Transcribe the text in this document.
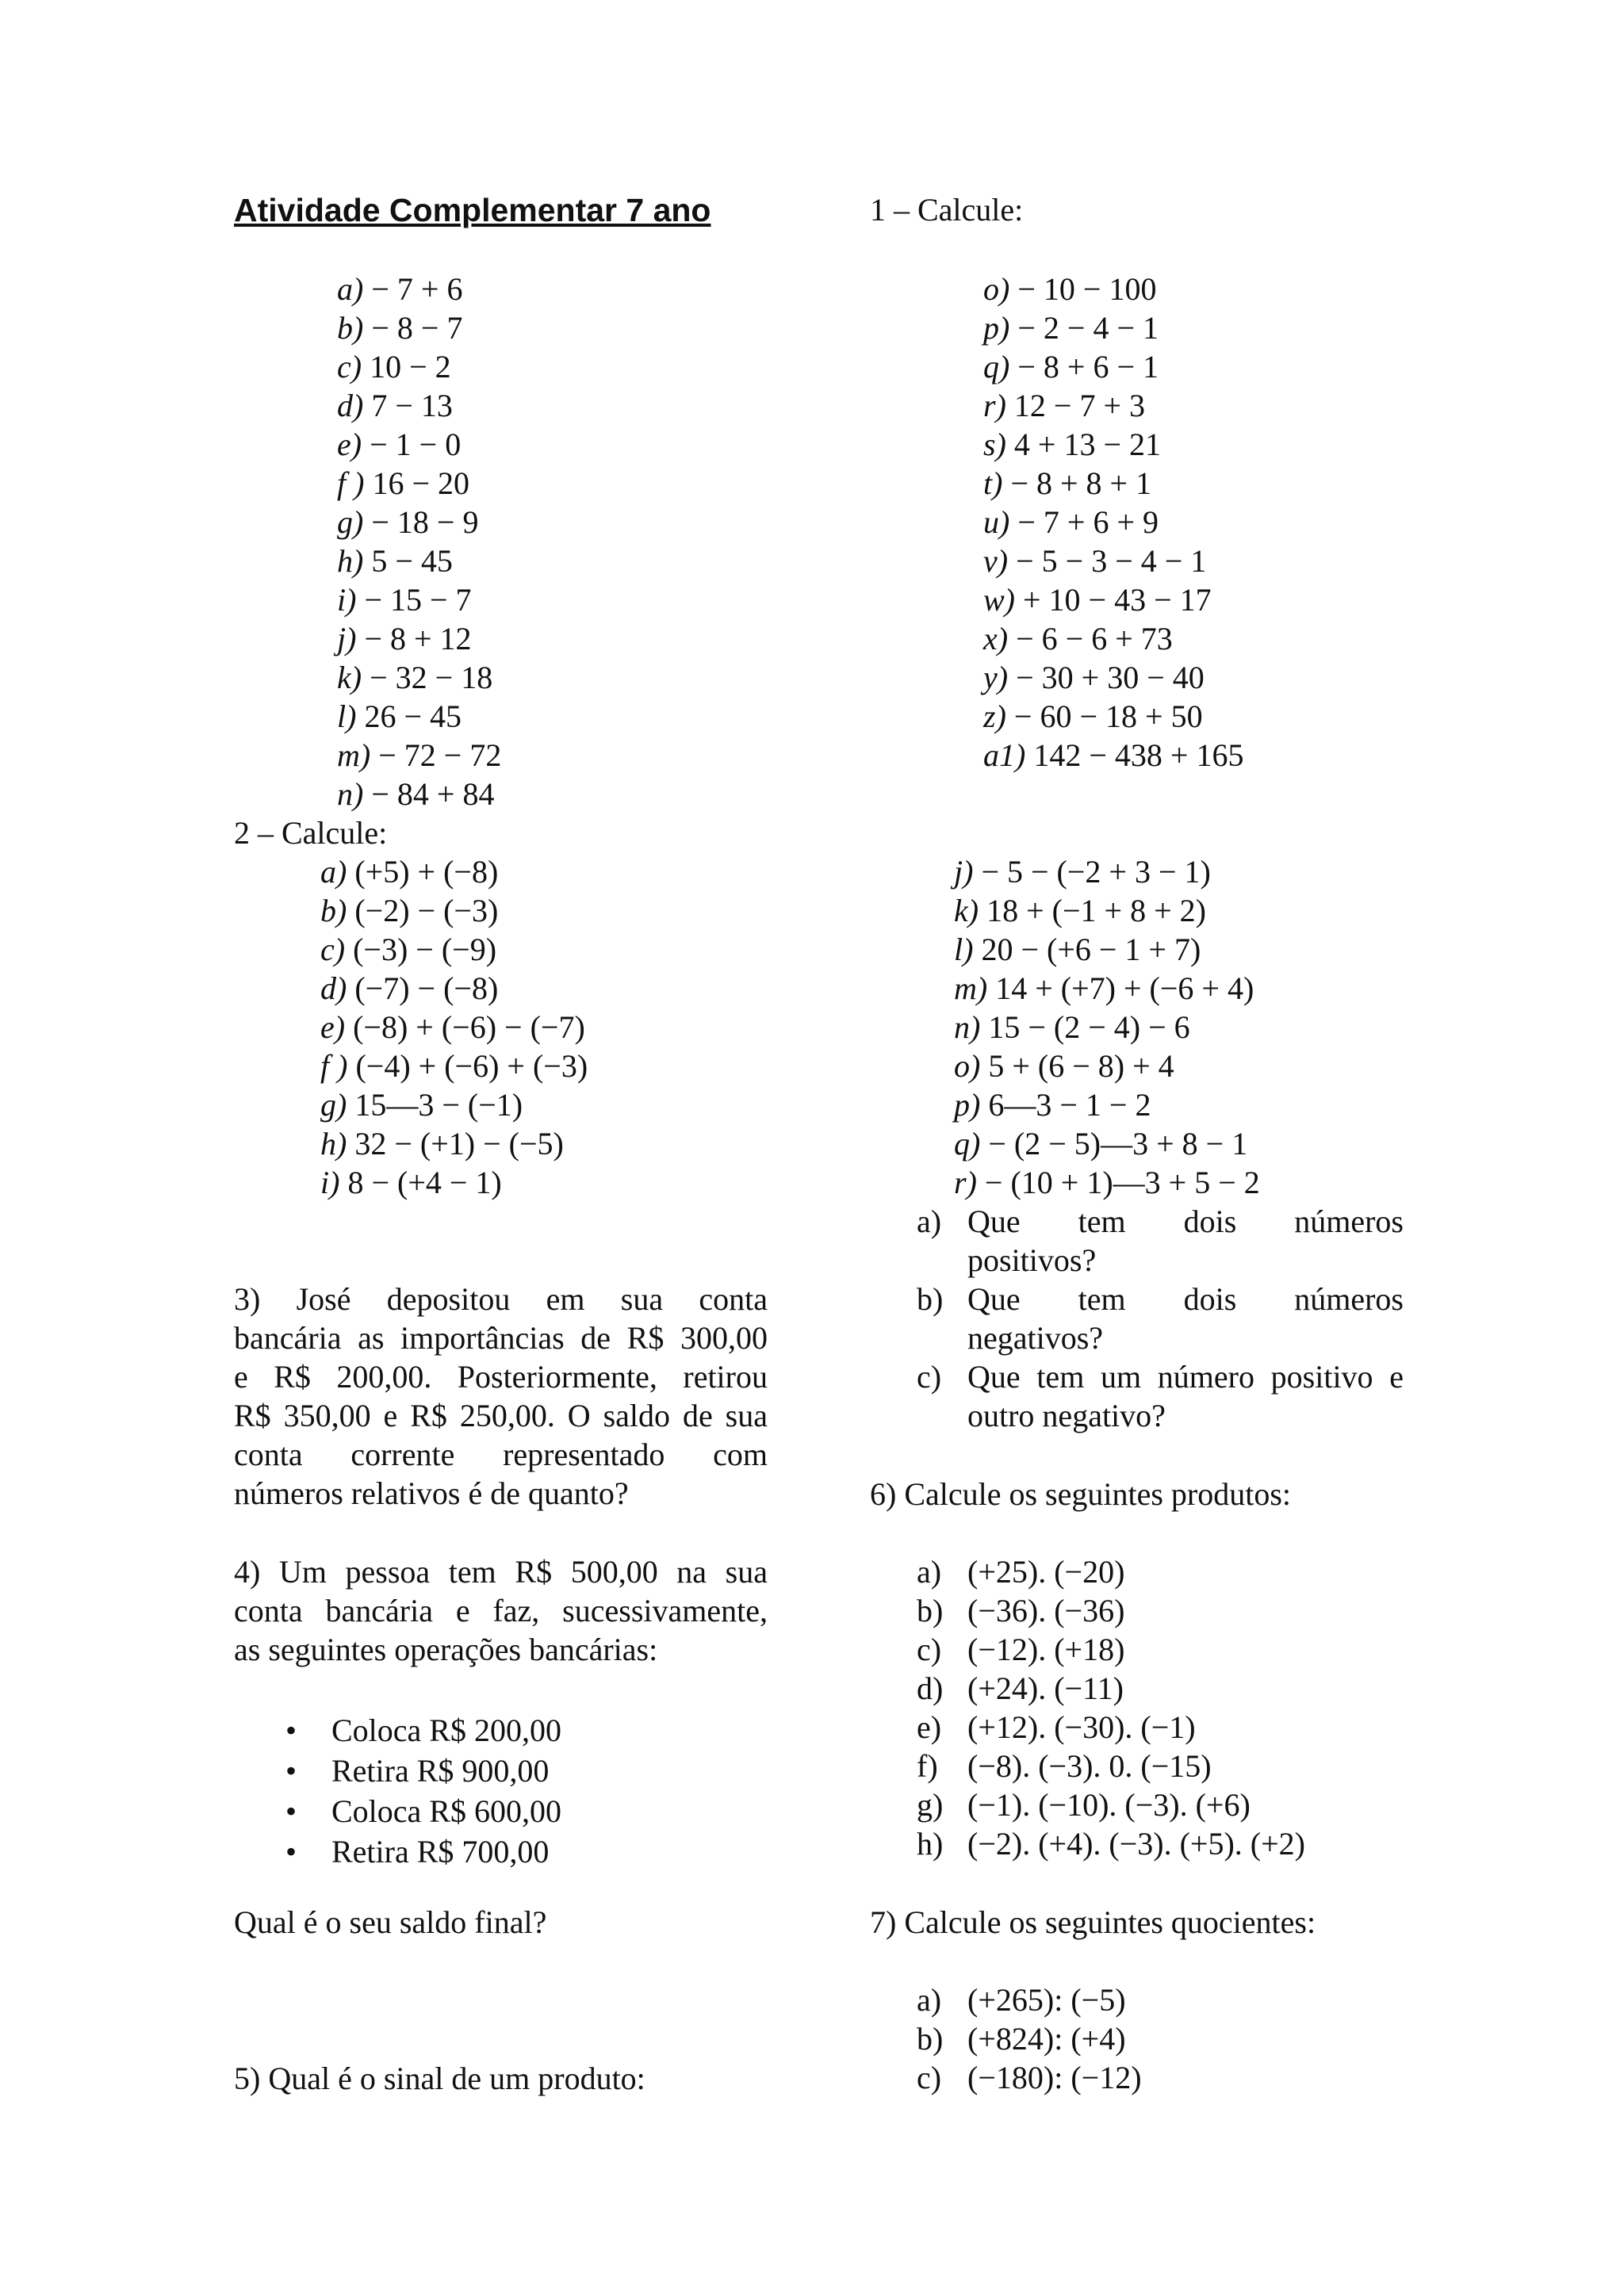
Atividade Complementar 7 ano	1 – Calcule:
a) − 7 + 6
b) − 8 − 7
c) 10 − 2
d) 7 − 13
e) − 1 − 0
f ) 16 − 20
g) − 18 − 9
h) 5 − 45
i) − 15 − 7
j) − 8 + 12
k) − 32 − 18
l) 26 − 45
m) − 72 − 72
n) − 84 + 84
o) − 10 − 100
p) − 2 − 4 − 1
q) − 8 + 6 − 1
r) 12 − 7 + 3
s) 4 + 13 − 21
t) − 8 + 8 + 1
u) − 7 + 6 + 9
v) − 5 − 3 − 4 − 1
w) + 10 − 43 − 17
x) − 6 − 6 + 73
y) − 30 + 30 − 40
z) − 60 − 18 + 50
a1) 142 − 438 + 165
2 – Calcule:
a) (+5) + (−8)
b) (−2) − (−3)
c) (−3) − (−9)
d) (−7) − (−8)
e) (−8) + (−6) − (−7)
f ) (−4) + (−6) + (−3)
g) 15—3 − (−1)
h) 32 − (+1) − (−5)
i) 8 − (+4 − 1)
j) − 5 − (−2 + 3 − 1)
k) 18 + (−1 + 8 + 2)
l) 20 − (+6 − 1 + 7)
m) 14 + (+7) + (−6 + 4)
n) 15 − (2 − 4) − 6
o) 5 + (6 − 8) + 4
p) 6—3 − 1 − 2
q) − (2 − 5)—3 + 8 − 1
r) − (10 + 1)—3 + 5 − 2
a) Que tem dois números
positivos?
b) Que tem dois números
negativos?
c) Que tem um número positivo e
outro negativo?
3) José depositou em sua conta
bancária as importâncias de R$ 300,00
e R$ 200,00. Posteriormente, retirou
R$ 350,00 e R$ 250,00. O saldo de sua
conta corrente representado com
números relativos é de quanto?
4) Um pessoa tem R$ 500,00 na sua
conta bancária e faz, sucessivamente,
as seguintes operações bancárias:
• Coloca R$ 200,00
• Retira R$ 900,00
• Coloca R$ 600,00
• Retira R$ 700,00
Qual é o seu saldo final?
5) Qual é o sinal de um produto:
6) Calcule os seguintes produtos:
a) (+25). (−20)
b) (−36). (−36)
c) (−12). (+18)
d) (+24). (−11)
e) (+12). (−30). (−1)
f) (−8). (−3). 0. (−15)
g) (−1). (−10). (−3). (+6)
h) (−2). (+4). (−3). (+5). (+2)
7) Calcule os seguintes quocientes:
a) (+265): (−5)
b) (+824): (+4)
c) (−180): (−12)
